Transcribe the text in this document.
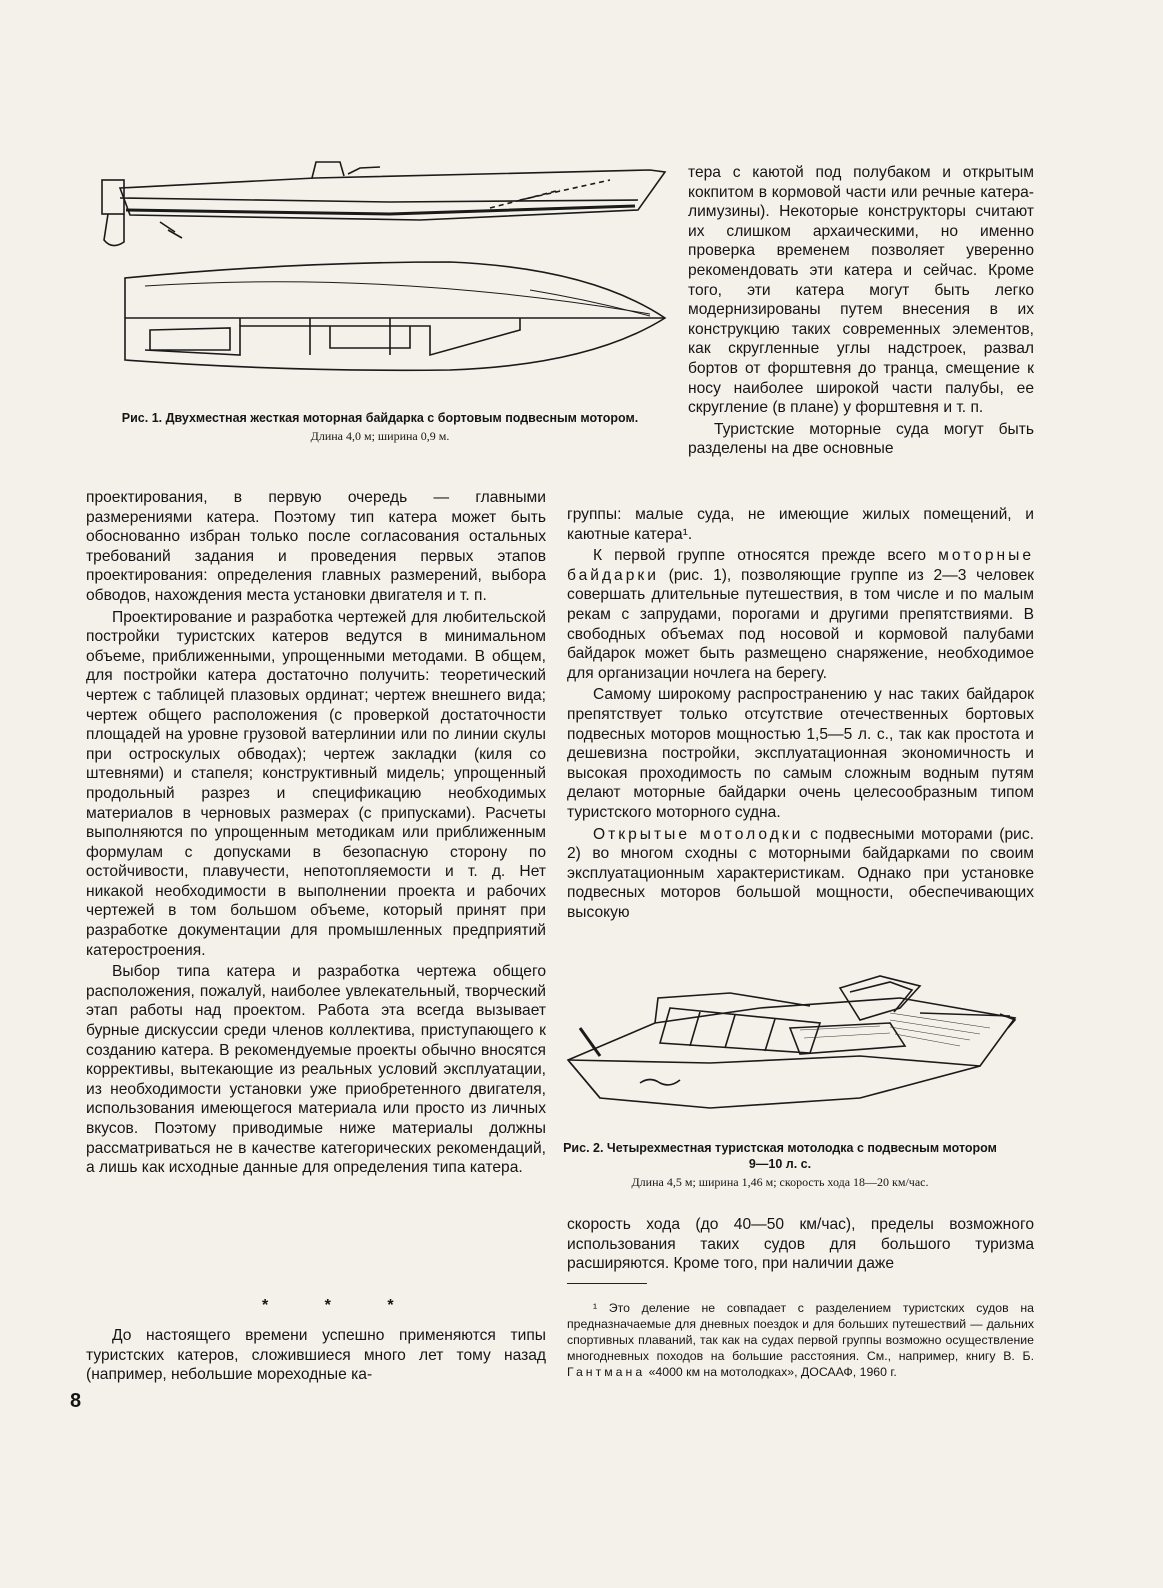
Рис. 1. Двухместная жесткая моторная байдарка с бортовым подвесным мотором.
Длина 4,0 м; ширина 0,9 м.

тера с каютой под полубаком и открытым кокпитом в кормовой части или речные катера-лимузины). Некоторые конструкторы считают их слишком архаическими, но именно проверка временем позволяет уверенно рекомендовать эти катера и сейчас. Кроме того, эти катера могут быть легко модернизированы путем внесения в их конструкцию таких современных элементов, как скругленные углы надстроек, развал бортов от форштевня до транца, смещение к носу наиболее широкой части палубы, ее скругление (в плане) у форштевня и т. п.

Туристские моторные суда могут быть разделены на две основные

группы: малые суда, не имеющие жилых помещений, и каютные катера¹.

К первой группе относятся прежде всего моторные байдарки (рис. 1), позволяющие группе из 2—3 человек совершать длительные путешествия, в том числе и по малым рекам с запрудами, порогами и другими препятствиями. В свободных объемах под носовой и кормовой палубами байдарок может быть размещено снаряжение, необходимое для организации ночлега на берегу.

Самому широкому распространению у нас таких байдарок препятствует только отсутствие отечественных бортовых подвесных моторов мощностью 1,5—5 л. с., так как простота и дешевизна постройки, эксплуатационная экономичность и высокая проходимость по самым сложным водным путям делают моторные байдарки очень целесообразным типом туристского моторного судна.

Открытые мотолодки с подвесными моторами (рис. 2) во многом сходны с моторными байдарками по своим эксплуатационным характеристикам. Однако при установке подвесных моторов большой мощности, обеспечивающих высокую

проектирования, в первую очередь — главными размерениями катера. Поэтому тип катера может быть обоснованно избран только после согласования остальных требований задания и проведения первых этапов проектирования: определения главных размерений, выбора обводов, нахождения места установки двигателя и т. п.

Проектирование и разработка чертежей для любительской постройки туристских катеров ведутся в минимальном объеме, приближенными, упрощенными методами. В общем, для постройки катера достаточно получить: теоретический чертеж с таблицей плазовых ординат; чертеж внешнего вида; чертеж общего расположения (с проверкой достаточности площадей на уровне грузовой ватерлинии или по линии скулы при остроскулых обводах); чертеж закладки (киля со штевнями) и стапеля; конструктивный мидель; упрощенный продольный разрез и спецификацию необходимых материалов в черновых размерах (с припусками). Расчеты выполняются по упрощенным методикам или приближенным формулам с допусками в безопасную сторону по остойчивости, плавучести, непотопляемости и т. д. Нет никакой необходимости в выполнении проекта и рабочих чертежей в том большом объеме, который принят при разработке документации для промышленных предприятий катеростроения.

Выбор типа катера и разработка чертежа общего расположения, пожалуй, наиболее увлекательный, творческий этап работы над проектом. Работа эта всегда вызывает бурные дискуссии среди членов коллектива, приступающего к созданию катера. В рекомендуемые проекты обычно вносятся коррективы, вытекающие из реальных условий эксплуатации, из необходимости установки уже приобретенного двигателя, использования имеющегося материала или просто из личных вкусов. Поэтому приводимые ниже материалы должны рассматриваться не в качестве категорических рекомендаций, а лишь как исходные данные для определения типа катера.

* * *

До настоящего времени успешно применяются типы туристских катеров, сложившиеся много лет тому назад (например, небольшие мореходные ка-

Рис. 2. Четырехместная туристская мотолодка с подвесным мотором 9—10 л. с.
Длина 4,5 м; ширина 1,46 м; скорость хода 18—20 км/час.

скорость хода (до 40—50 км/час), пределы возможного использования таких судов для большого туризма расширяются. Кроме того, при наличии даже

¹ Это деление не совпадает с разделением туристских судов на предназначаемые для дневных поездок и для больших путешествий — дальних спортивных плаваний, так как на судах первой группы возможно осуществление многодневных походов на большие расстояния. См., например, книгу В. Б. Гантмана «4000 км на мотолодках», ДОСААФ, 1960 г.

8
